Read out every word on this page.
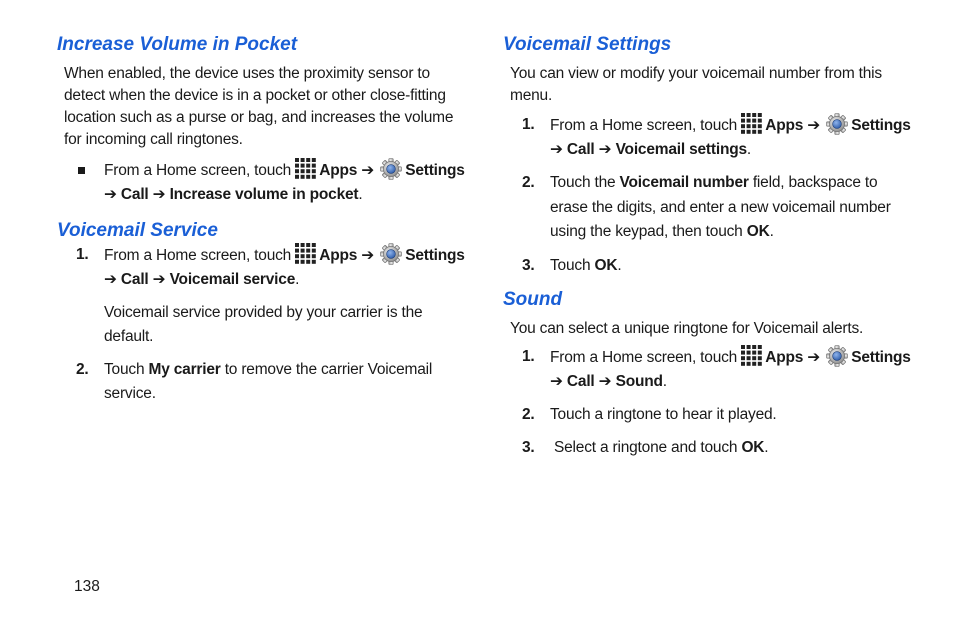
Increase Volume in Pocket

When enabled, the device uses the proximity sensor to detect when the device is in a pocket or other close-fitting location such as a purse or bag, and increases the volume for incoming call ringtones.

From a Home screen, touch Apps ➔ Settings
➔ Call ➔ Increase volume in pocket.
Voicemail Service
1. From a Home screen, touch Apps ➔ Settings
➔ Call ➔ Voicemail service.
Voicemail service provided by your carrier is the default.
2. Touch My carrier to remove the carrier Voicemail service.
Voicemail Settings

You can view or modify your voicemail number from this menu.

1. From a Home screen, touch Apps ➔ Settings
➔ Call ➔ Voicemail settings.
2. Touch the Voicemail number field, backspace to erase the digits, and enter a new voicemail number using the keypad, then touch OK.
3. Touch OK.
Sound

You can select a unique ringtone for Voicemail alerts.

1. From a Home screen, touch Apps ➔ Settings
➔ Call ➔ Sound.
2. Touch a ringtone to hear it played.
3. Select a ringtone and touch OK.
138
